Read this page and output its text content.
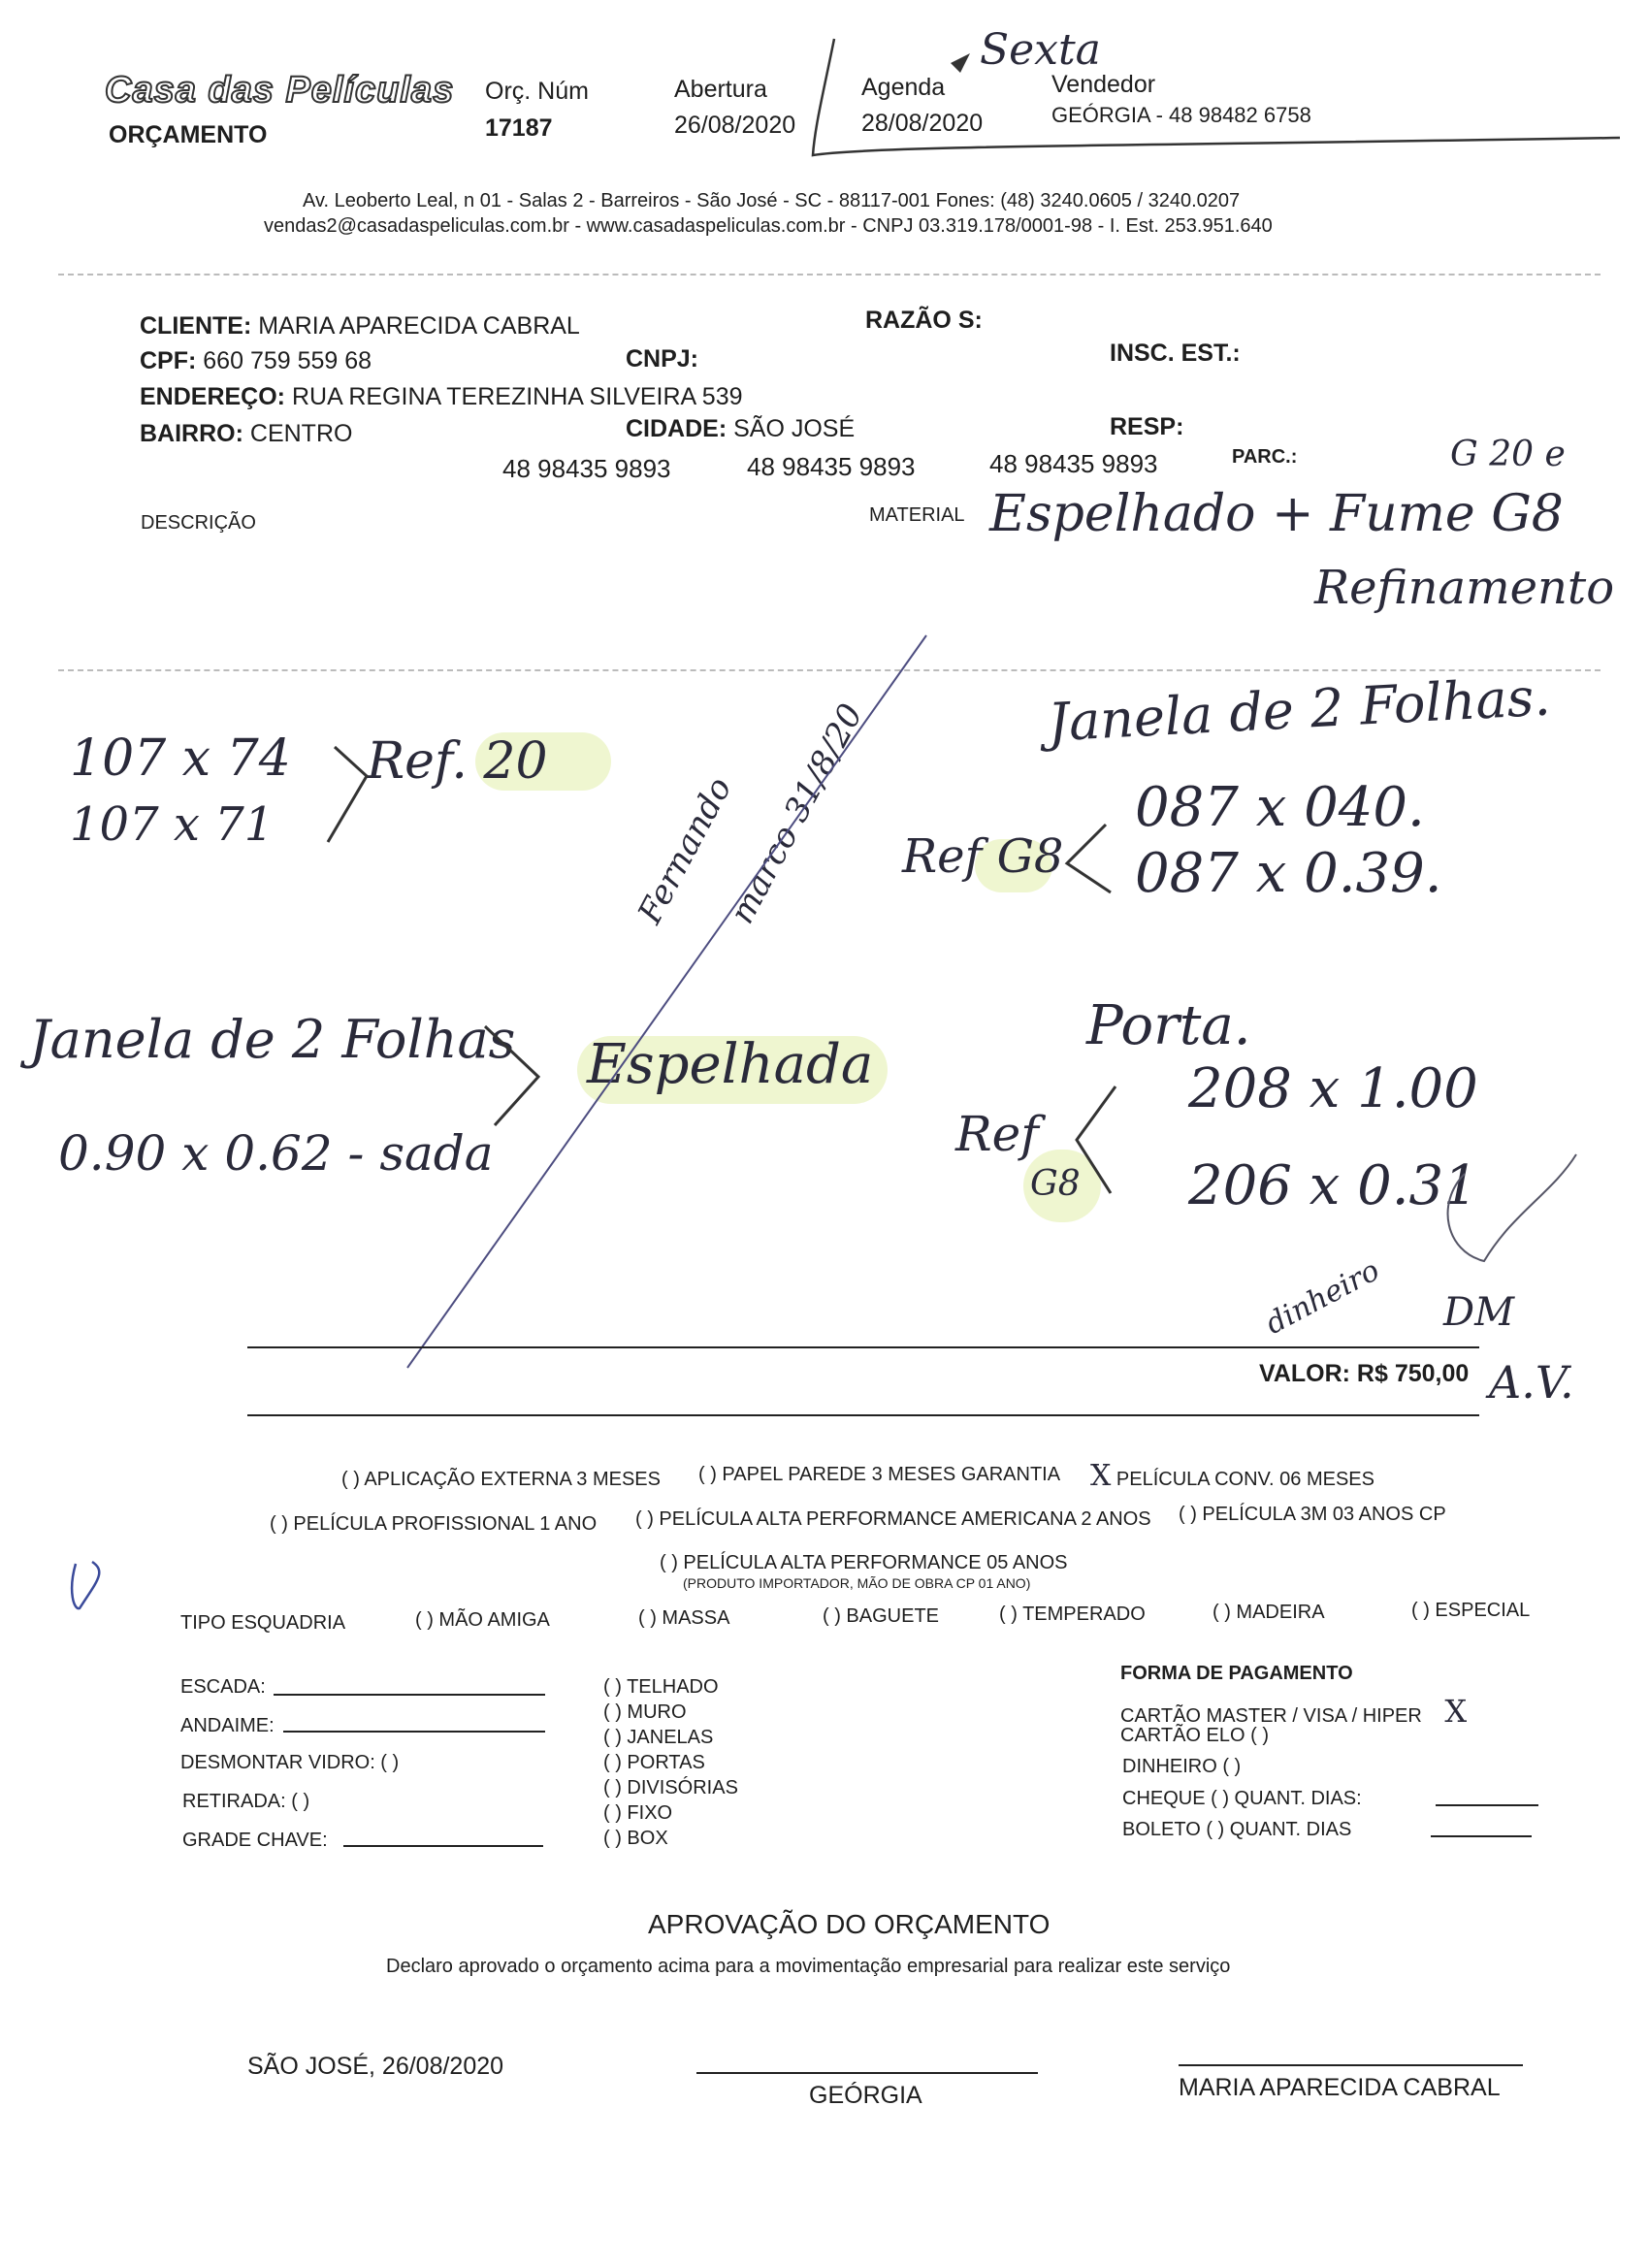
Casa das Películas
ORÇAMENTO
Orç. Núm
17187
Abertura
26/08/2020
Agenda
28/08/2020
Sexta
Vendedor
GEÓRGIA - 48 98482 6758
Av. Leoberto Leal, n 01 - Salas 2 - Barreiros - São José - SC - 88117-001 Fones: (48) 3240.0605 / 3240.0207
vendas2@casadaspeliculas.com.br - www.casadaspeliculas.com.br - CNPJ 03.319.178/0001-98 - I. Est. 253.951.640
CLIENTE: MARIA APARECIDA CABRAL	RAZÃO S:
CPF: 660 759 559 68	CNPJ:	INSC. EST.:
ENDEREÇO: RUA REGINA TEREZINHA SILVEIRA 539
BAIRRO: CENTRO	CIDADE: SÃO JOSÉ	RESP:
48 98435 9893	48 98435 9893	48 98435 9893	PARC.:	G 20 e
DESCRIÇÃO	MATERIAL Espelhado + Fume G8
Refinamento
107 x 74
107 x 71
Ref. 20
Janela de 2 Folhas.
Ref G8
087 x 040.
087 x 0.39.
Fernando
marco 31/8/20
Janela de 2 Folhas Espelhada
0.90 x 0.62 - sada
Porta.
Ref
G8
208 x 1.00
206 x 0.31
dinheiro DM
VALOR: R$ 750,00 A.V.
( ) APLICAÇÃO EXTERNA 3 MESES ( ) PAPEL PAREDE 3 MESES GARANTIA X PELÍCULA CONV. 06 MESES
( ) PELÍCULA PROFISSIONAL 1 ANO ( ) PELÍCULA ALTA PERFORMANCE AMERICANA 2 ANOS ( ) PELÍCULA 3M 03 ANOS CP
( ) PELÍCULA ALTA PERFORMANCE 05 ANOS
(PRODUTO IMPORTADOR, MÃO DE OBRA CP 01 ANO)
TIPO ESQUADRIA	( ) MÃO AMIGA	( ) MASSA	( ) BAGUETE	( ) TEMPERADO	( ) MADEIRA	( ) ESPECIAL
ESCADA:
ANDAIME:
DESMONTAR VIDRO: ( )
RETIRADA: ( )
GRADE CHAVE:
( ) TELHADO
( ) MURO
( ) JANELAS
( ) PORTAS
( ) DIVISÓRIAS
( ) FIXO
( ) BOX
FORMA DE PAGAMENTO
CARTÃO MASTER / VISA / HIPER X
CARTÃO ELO ( )
DINHEIRO ( )
CHEQUE ( ) QUANT. DIAS:
BOLETO ( ) QUANT. DIAS
APROVAÇÃO DO ORÇAMENTO
Declaro aprovado o orçamento acima para a movimentação empresarial para realizar este serviço
SÃO JOSÉ, 26/08/2020
GEÓRGIA	MARIA APARECIDA CABRAL
